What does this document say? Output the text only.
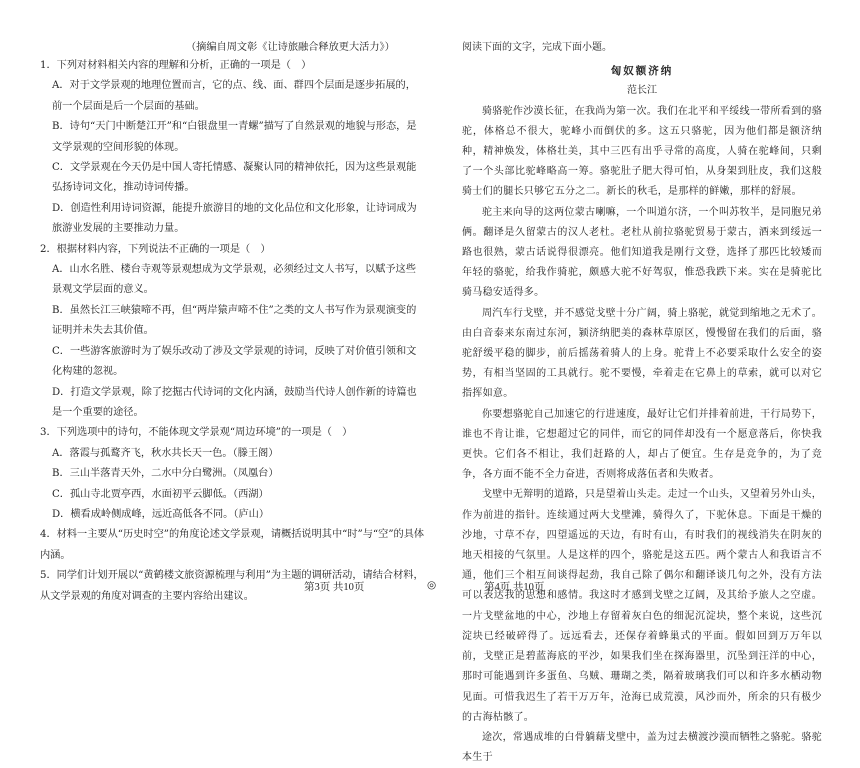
（摘编自周文彰《让诗旅融合释放更大活力》）

1．下列对材料相关内容的理解和分析，正确的一项是（　）

A．对于文学景观的地理位置而言，它的点、线、面、群四个层面是逐步拓展的，前一个层面是后一个层面的基础。

B．诗句“天门中断楚江开”和“白银盘里一青螺”描写了自然景观的地貌与形态，是文学景观的空间形貌的体现。

C．文学景观在今天仍是中国人寄托情感、凝聚认同的精神依托，因为这些景观能弘扬诗词文化，推动诗词传播。

D．创造性利用诗词资源，能提升旅游目的地的文化品位和文化形象，让诗词成为旅游业发展的主要推动力量。

2．根据材料内容，下列说法不正确的一项是（　）

A．山水名胜、楼台寺观等景观想成为文学景观，必须经过文人书写，以赋予这些景观文学层面的意义。

B．虽然长江三峡猿啼不再，但“两岸猿声啼不住”之类的文人书写作为景观演变的证明并未失去其价值。

C．一些游客旅游时为了娱乐改动了涉及文学景观的诗词，反映了对价值引领和文化构建的忽视。

D．打造文学景观，除了挖掘古代诗词的文化内涵，鼓励当代诗人创作新的诗篇也是一个重要的途径。

3．下列选项中的诗句，不能体现文学景观“周边环境”的一项是（　）

A．落霞与孤鹜齐飞，秋水共长天一色。（滕王阁）

B．三山半落青天外，二水中分白鹭洲。（凤凰台）

C．孤山寺北贾亭西，水面初平云脚低。（西湖）

D．横看成岭侧成峰，远近高低各不同。（庐山）

4．材料一主要从“历史时空”的角度论述文学景观，请概括说明其中“时”与“空”的具体内涵。

5．同学们计划开展以“黄鹤楼文旅资源梳理与利用”为主题的调研活动，请结合材料，从文学景观的角度对调查的主要内容给出建议。

阅读下面的文字，完成下面小题。

匈奴额济纳

范长江

骑骆驼作沙漠长征，在我尚为第一次。我们在北平和平绥线一带所看到的骆驼，体格总不很大，驼峰小而倒伏的多。这五只骆驼，因为他们都是额济纳种，精神焕发，体格壮美，其中三匹有出乎寻常的高度，人骑在驼峰间，只剩了一个头部比驼峰略高一筹。骆驼肚子肥大得可怕，从身架到肚皮，我们这般骑士们的腿长只够它五分之二。新长的秋毛，是那样的鲜嫩，那样的舒展。

驼主来向导的这两位蒙古喇嘛，一个叫道尔济，一个叫苏牧半，是同胞兄弟俩。翻译是久留蒙古的汉人老杜。老杜从前拉骆驼贸易于蒙古，酒来到绥远一路也很熟，蒙古话说得很漂亮。他们知道我是刚行文登，选择了那匹比较矮而年轻的骆驼，给我作骑驼，颇感大驼不好驾驭，惟恐我跌下来。实在是骑驼比骑马稳安适得多。

周汽车行戈壁，并不感觉戈壁十分广阔，骑上骆驼，就觉到缩地之无术了。由白音泰来东南过东河，颍济纳肥美的森林草原区，慢慢留在我们的后面，骆驼舒缓平稳的脚步，前后摇荡着骑人的上身。驼背上不必要采取什么安全的姿势，有相当坚固的工具就行。驼不要慢，牵着走在它鼻上的草索，就可以对它指挥如意。

你要想骆驼自己加速它的行进速度，最好让它们并排着前进，干行局势下，谁也不肯让谁，它想超过它的同伴，而它的同伴却没有一个愿意落后，你快我更快。它们各不相让，我们赶路的人，却占了便宜。生存是竞争的，为了竞争，各方面不能不全力奋进，否则将成落伍者和失败者。

戈壁中无辩明的道路，只是望着山头走。走过一个山头，又望着另外山头，作为前进的指针。连续通过两大戈壁滩，骑得久了，下驼休息。下面是干燥的沙地，寸草不存，四望遥远的天边，有时有山，有时我们的视线消失在阴灰的地天相接的气氛里。人是这样的四个，骆驼是这五匹。两个蒙古人和我语言不通，他们三个相互间谈得起劲，我自己除了偶尔和翻译谈几句之外，没有方法可以表达我的思想和感情。我这时才感到戈壁之辽阔，及其给予旅人之空虚。一片戈壁盆地的中心，沙地上存留着灰白色的细泥沉淀块，整个来说，这些沉淀块已经破碎得了。远远看去，还保存着蜂巢式的平面。假如回到万万年以前，戈壁正是碧蓝海底的平沙，如果我们坐在探海器里，沉坠到汪洋的中心，那时可能遇到许多蛋鱼、乌贼、珊瑚之类，隔着玻璃我们可以和许多水栖动物见面。可惜我迟生了若干万万年，沧海已成荒漠，风沙而外，所余的只有极少的古海枯骸了。

途次，常遇成堆的白骨躺藉戈壁中，盖为过去横渡沙漠而牺牲之骆驼。骆驼本生于

第3页 共10页	◎	第4页 共10页
